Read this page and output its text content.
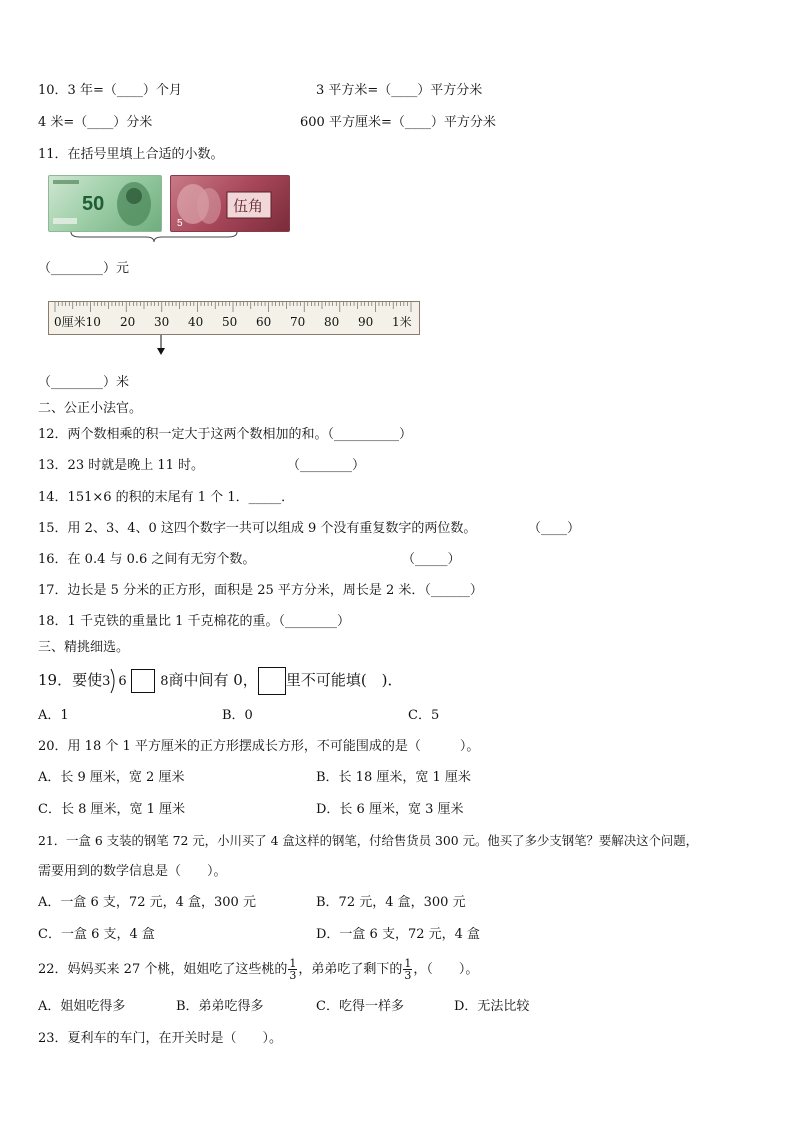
10．3 年=（____）个月	3 平方米=（____）平方分米
4 米=（____）分米	600 平方厘米=（____）平方分米
11．在括号里填上合适的小数。
50	伍角
5
（________）元
0厘米10 20 30 40 50 60 70 80 90 1米
（________）米
二、公正小法官。
12．两个数相乘的积一定大于这两个数相加的和。（__________）
13．23 时就是晚上 11 时。	（________）
14．151×6 的积的末尾有 1 个 1．_____．
15．用 2、3、4、0 这四个数字一共可以组成 9 个没有重复数字的两位数。	（____）
16．在 0.4 与 0.6 之间有无穷个数。	（_____）
17．边长是 5 分米的正方形，面积是 25 平方分米，周长是 2 米．（______）
18．1 千克铁的重量比 1 千克棉花的重。（________）
三、精挑细选。
19．要使3 6	8商中间有 0， 里不可能填(　)．
A．1	B．0	C．5
20．用 18 个 1 平方厘米的正方形摆成长方形，不可能围成的是（　　　）。
A．长 9 厘米，宽 2 厘米	B．长 18 厘米，宽 1 厘米
C．长 8 厘米，宽 1 厘米	D．长 6 厘米，宽 3 厘米
21．一盒 6 支装的钢笔 72 元，小川买了 4 盒这样的钢笔，付给售货员 300 元。他买了多少支钢笔？要解决这个问题，
需要用到的数学信息是（　　）。
A．一盒 6 支，72 元，4 盒，300 元	B．72 元，4 盒，300 元
C．一盒 6 支，4 盒	D．一盒 6 支，72 元，4 盒
22．妈妈买来 27 个桃，姐姐吃了这些桃的 $\frac{1}{3}$ ，弟弟吃了剩下的 $\frac{1}{3}$ ，（　　）。
A．姐姐吃得多	B．弟弟吃得多	C．吃得一样多	D．无法比较
23．夏利车的车门，在开关时是（　　）。
